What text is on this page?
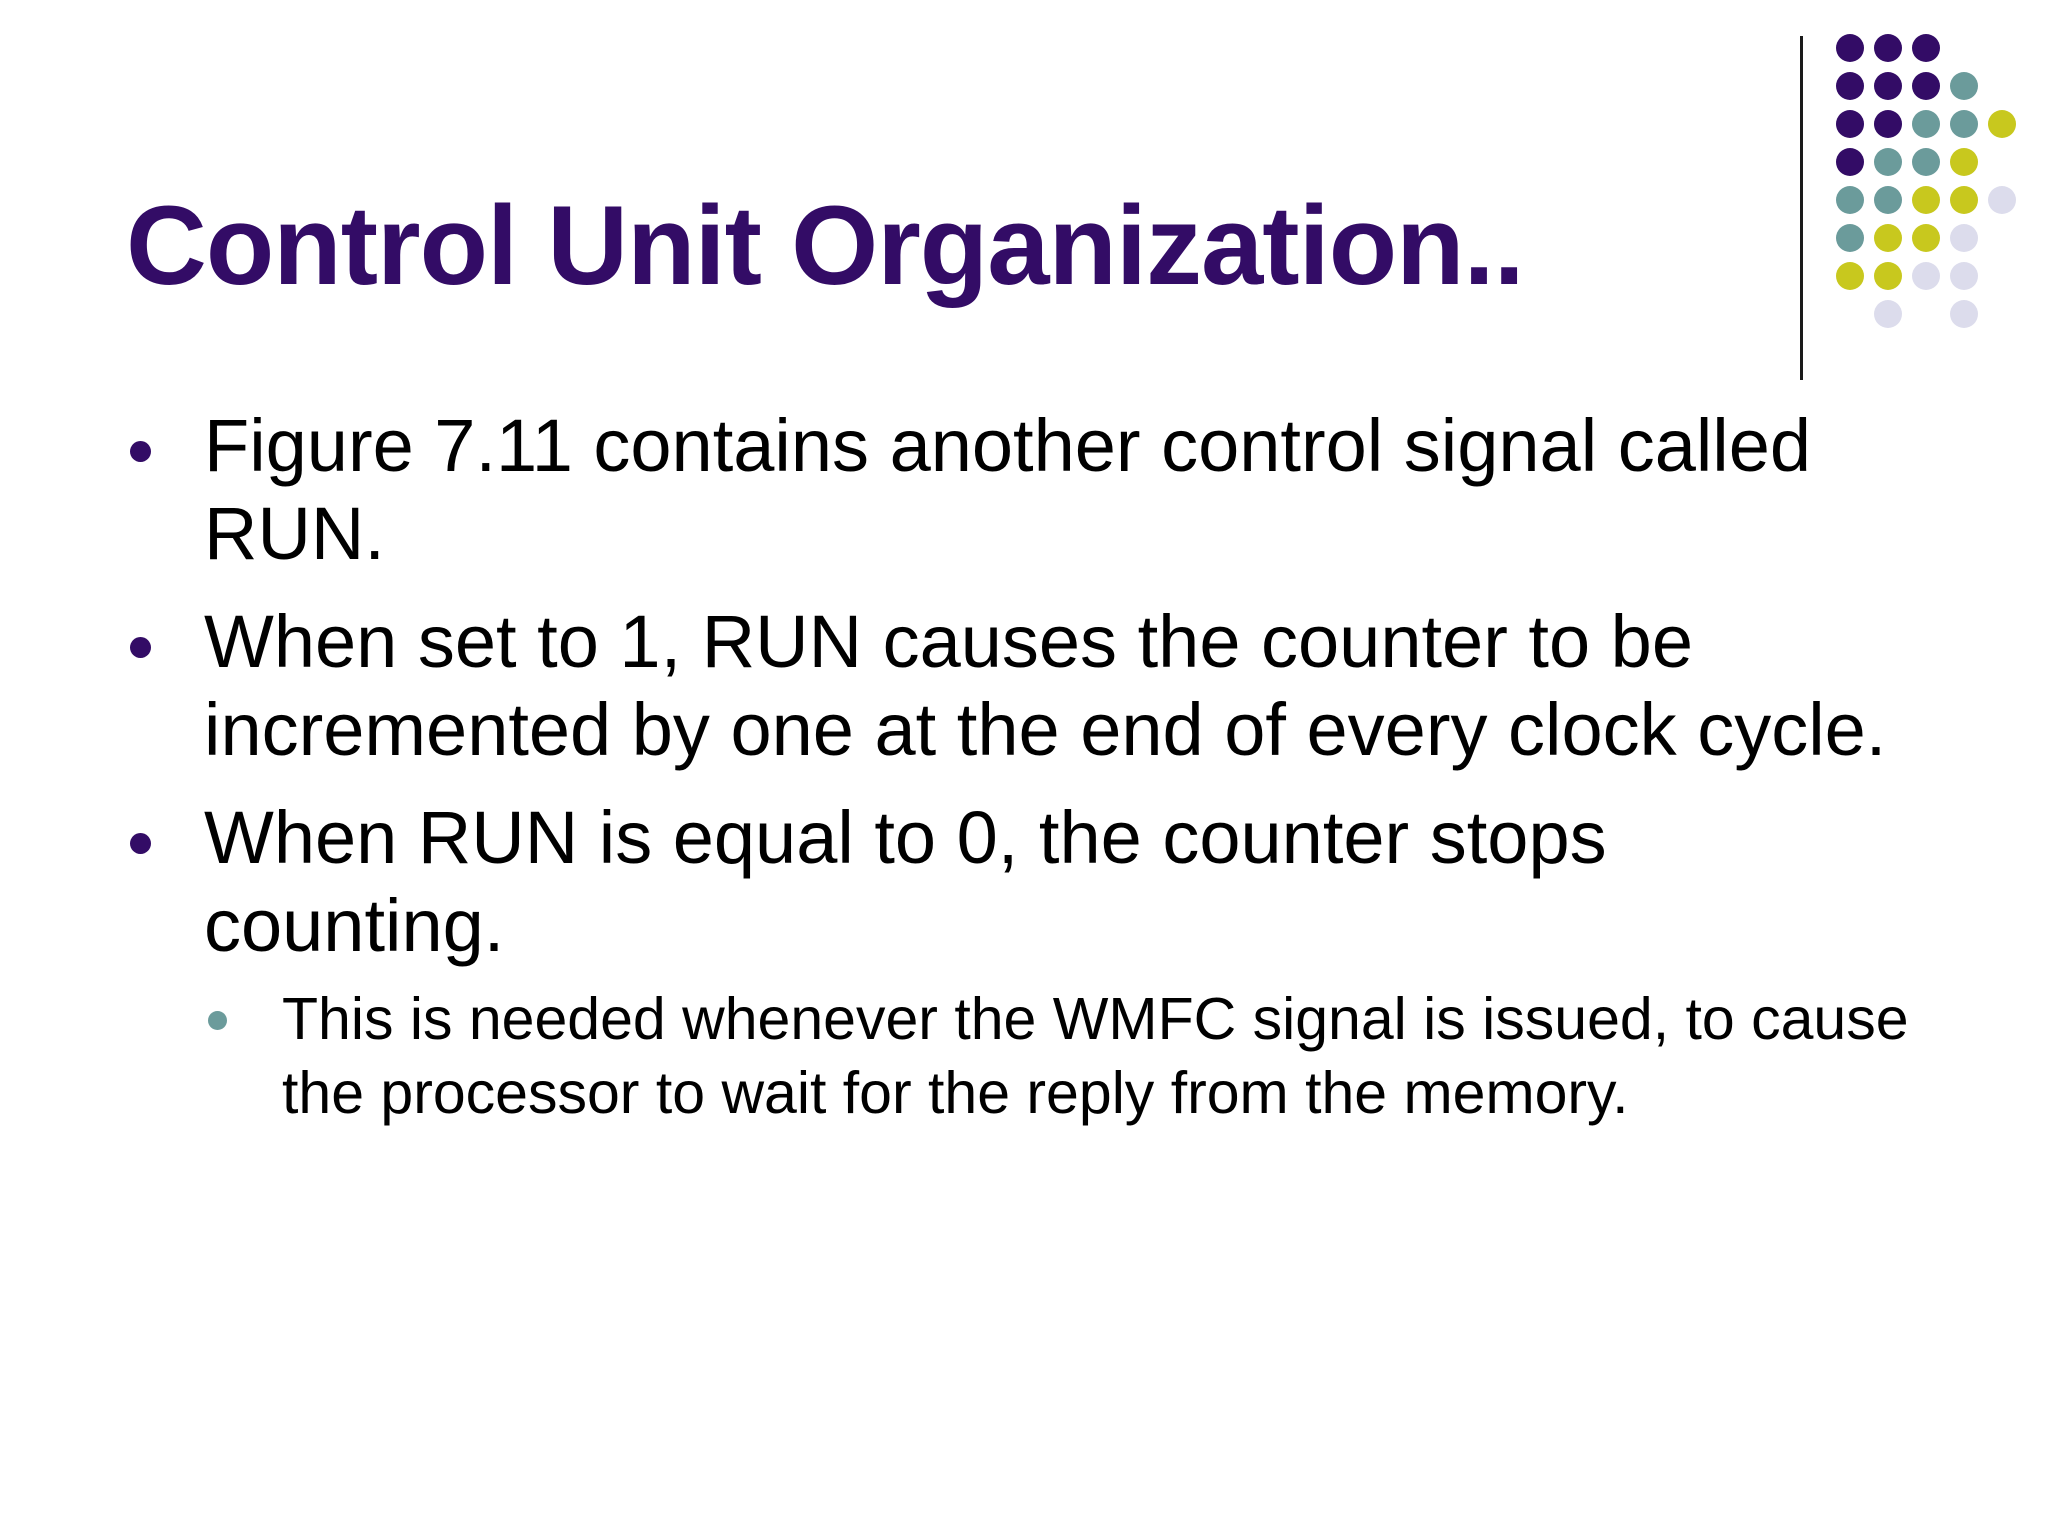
Control Unit Organization..
Figure 7.11 contains another control signal called RUN.
When set to 1, RUN causes the counter to be incremented by one at the end of every clock cycle.
When RUN is equal to 0, the counter stops counting.
This is needed whenever the WMFC signal is issued, to cause the processor to wait for the reply from the memory.
